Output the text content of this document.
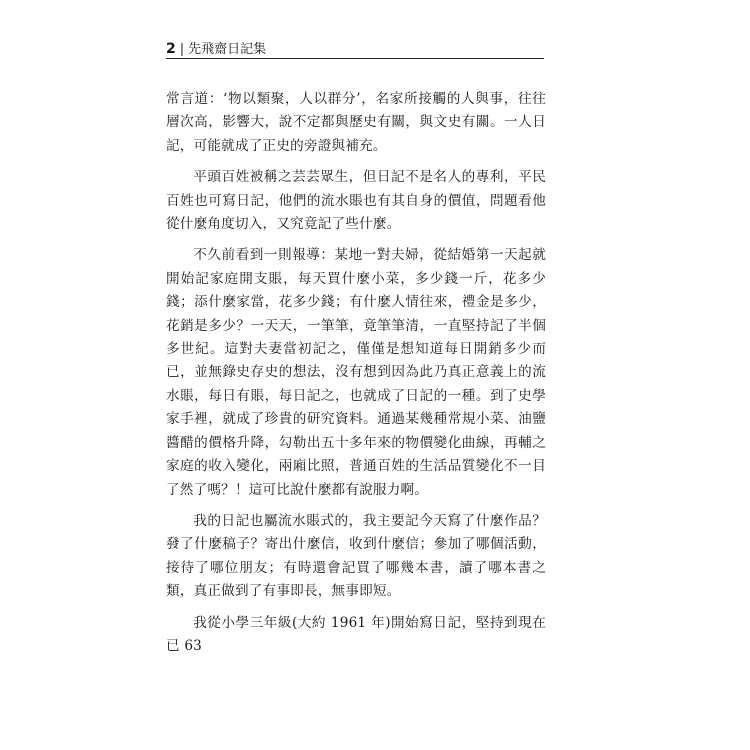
2 | 先飛齋日記集

常言道：‘物以類聚，人以群分’，名家所接觸的人與事，往往層次高，影響大，說不定都與歷史有關，與文史有關。一人日記，可能就成了正史的旁證與補充。

平頭百姓被稱之芸芸眾生，但日記不是名人的專利，平民百姓也可寫日記，他們的流水賬也有其自身的價值，問題看他從什麼角度切入，又究竟記了些什麼。

不久前看到一則報導：某地一對夫婦，從結婚第一天起就開始記家庭開支賬，每天買什麼小菜，多少錢一斤，花多少錢；添什麼家當，花多少錢；有什麼人情往來，禮金是多少，花銷是多少？一天天，一筆筆，竟筆筆清，一直堅持記了半個多世紀。這對夫妻當初記之，僅僅是想知道每日開銷多少而已，並無錄史存史的想法，沒有想到因為此乃真正意義上的流水賬，每日有賬，每日記之，也就成了日記的一種。到了史學家手裡，就成了珍貴的研究資料。通過某幾種常規小菜、油鹽醬醋的價格升降，勾勒出五十多年來的物價變化曲線，再輔之家庭的收入變化，兩廂比照，普通百姓的生活品質變化不一目了然了嗎？！這可比說什麼都有說服力啊。

我的日記也屬流水賬式的，我主要記今天寫了什麼作品？發了什麼稿子？寄出什麼信，收到什麼信；參加了哪個活動，接待了哪位朋友；有時還會記買了哪幾本書，讀了哪本書之類，真正做到了有事即長，無事即短。

我從小學三年級(大約 1961 年)開始寫日記，堅持到現在已 63
